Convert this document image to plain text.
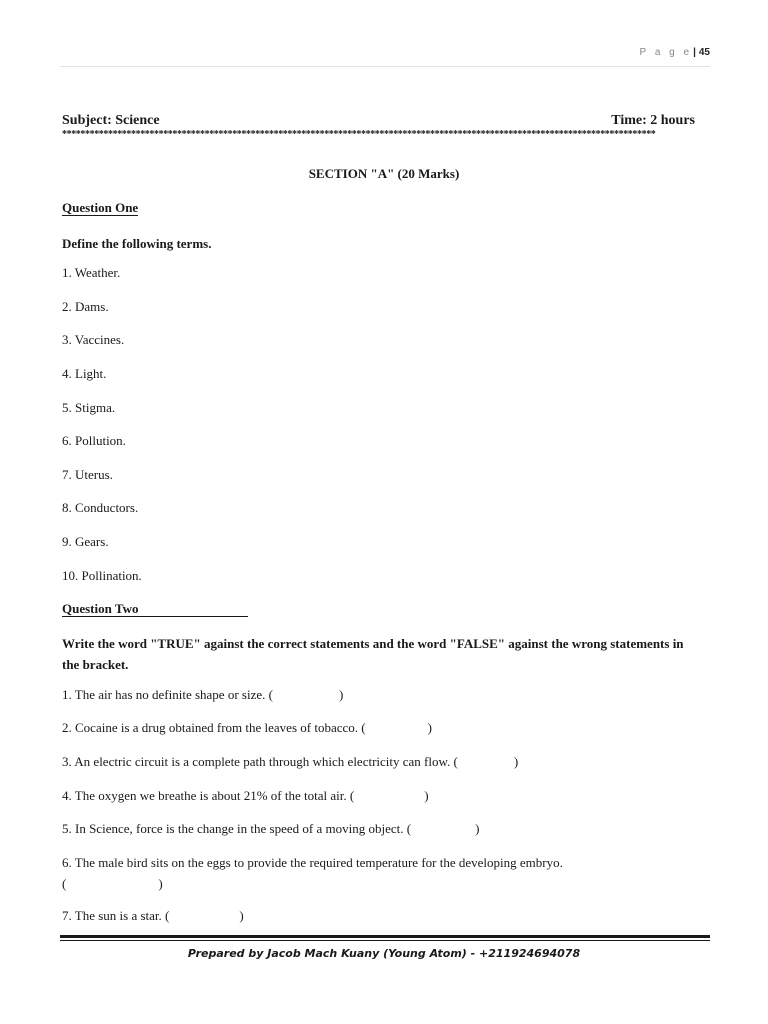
P a g e| 45
Subject: Science	Time: 2 hours
*********************************************************************************************************************************
SECTION "A" (20 Marks)
Question One
Define the following terms.
1. Weather.
2. Dams.
3. Vaccines.
4. Light.
5. Stigma.
6. Pollution.
7. Uterus.
8. Conductors.
9. Gears.
10. Pollination.
Question Two
Write the word "TRUE" against the correct statements and the word "FALSE" against the wrong statements in the bracket.
1. The air has no definite shape or size. (	)
2. Cocaine is a drug obtained from the leaves of tobacco. (	)
3. An electric circuit is a complete path through which electricity can flow. (	)
4. The oxygen we breathe is about 21% of the total air. (	)
5. In Science, force is the change in the speed of a moving object. (	)
6. The male bird sits on the eggs to provide the required temperature for the developing embryo.
(	)
7. The sun is a star. (	)
Prepared by Jacob Mach Kuany (Young Atom) - +211924694078
